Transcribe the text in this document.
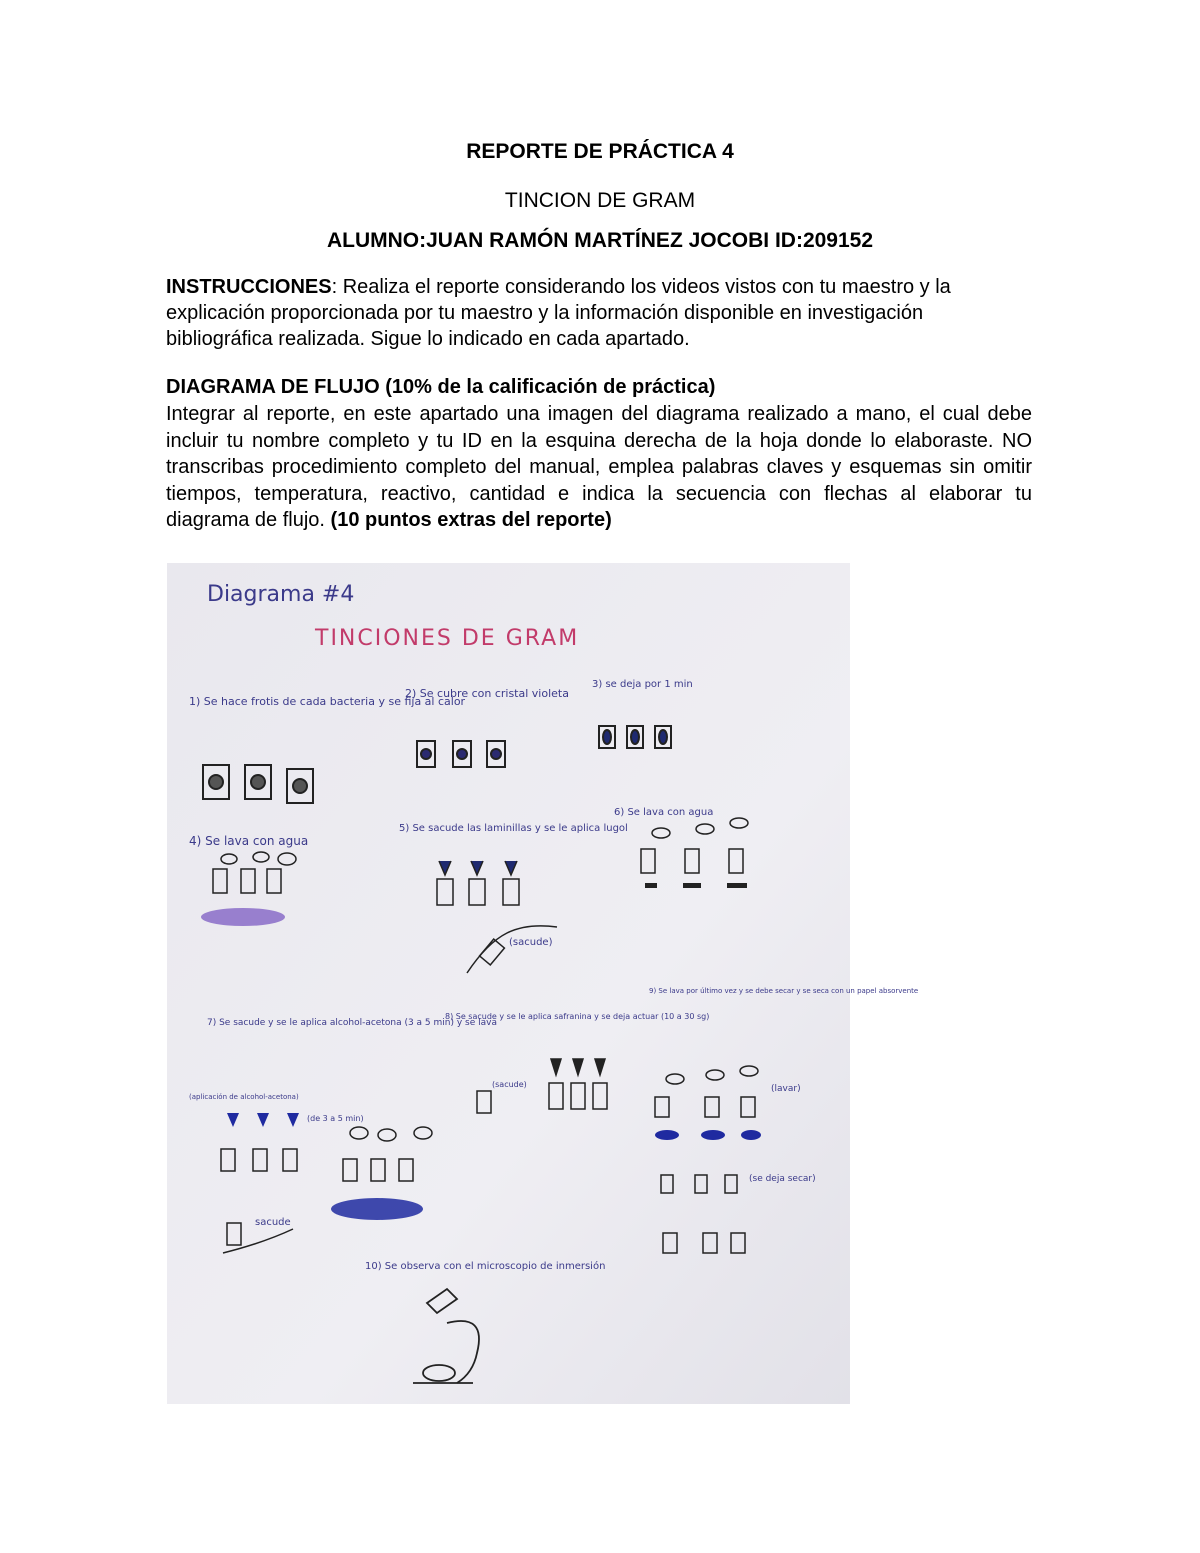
REPORTE DE PRÁCTICA 4
TINCION DE GRAM
ALUMNO:JUAN RAMÓN MARTÍNEZ JOCOBI ID:209152
INSTRUCCIONES: Realiza el reporte considerando los videos vistos con tu maestro y la explicación proporcionada por tu maestro y la información disponible en investigación bibliográfica realizada. Sigue lo indicado en cada apartado.
DIAGRAMA DE FLUJO (10% de la calificación de práctica)
Integrar al reporte, en este apartado una imagen del diagrama realizado a mano, el cual debe incluir tu nombre completo y tu ID en la esquina derecha de la hoja donde lo elaboraste. NO transcribas procedimiento completo del manual, emplea palabras claves y esquemas sin omitir tiempos, temperatura, reactivo, cantidad e indica la secuencia con flechas al elaborar tu diagrama de flujo. (10 puntos extras del reporte)
Diagrama #4
TINCIONES DE GRAM
1) Se hace frotis de cada bacteria y se fija al calor
2) Se cubre con cristal violeta
3) se deja por 1 min
4) Se lava con agua
5) Se sacude las laminillas y se le aplica lugol
6) Se lava con agua
(sacude)
7) Se sacude y se le aplica alcohol-acetona (3 a 5 min) y se lava
(aplicación de alcohol-acetona)
(de 3 a 5 min)
sacude
8) Se sacude y se le aplica safranina y se deja actuar (10 a 30 sg)
(sacude)
9) Se lava por último vez y se debe secar y se seca con un papel absorvente
(lavar)
(se deja secar)
10) Se observa con el microscopio de inmersión
